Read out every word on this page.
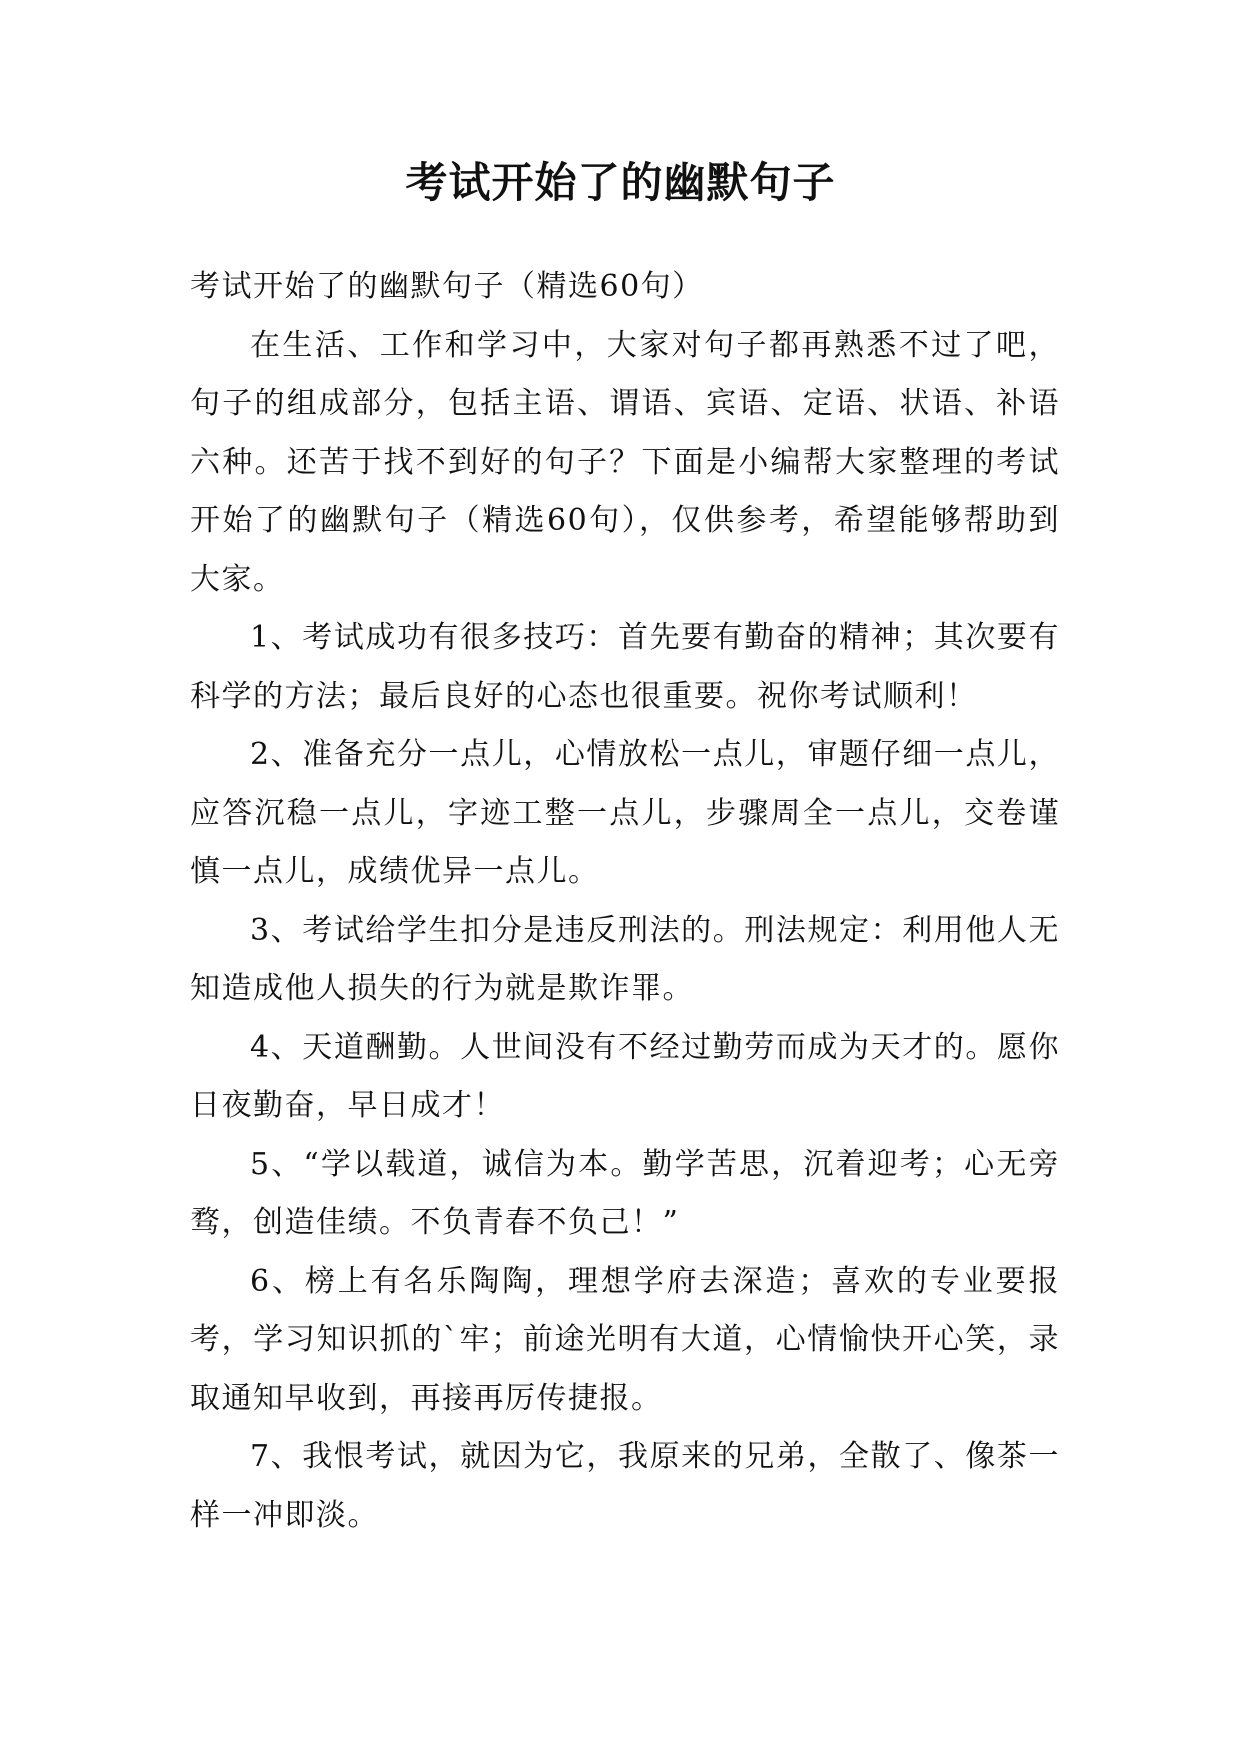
考试开始了的幽默句子

考试开始了的幽默句子（精选60句）

在生活、工作和学习中，大家对句子都再熟悉不过了吧，句子的组成部分，包括主语、谓语、宾语、定语、状语、补语六种。还苦于找不到好的句子？下面是小编帮大家整理的考试开始了的幽默句子（精选60句），仅供参考，希望能够帮助到大家。

1、考试成功有很多技巧：首先要有勤奋的精神；其次要有科学的方法；最后良好的心态也很重要。祝你考试顺利！

2、准备充分一点儿，心情放松一点儿，审题仔细一点儿，应答沉稳一点儿，字迹工整一点儿，步骤周全一点儿，交卷谨慎一点儿，成绩优异一点儿。

3、考试给学生扣分是违反刑法的。刑法规定：利用他人无知造成他人损失的行为就是欺诈罪。

4、天道酬勤。人世间没有不经过勤劳而成为天才的。愿你日夜勤奋，早日成才！

5、“学以载道，诚信为本。勤学苦思，沉着迎考；心无旁骛，创造佳绩。不负青春不负己！”

6、榜上有名乐陶陶，理想学府去深造；喜欢的专业要报考，学习知识抓的`牢；前途光明有大道，心情愉快开心笑，录取通知早收到，再接再厉传捷报。

7、我恨考试，就因为它，我原来的兄弟，全散了、像茶一样一冲即淡。
